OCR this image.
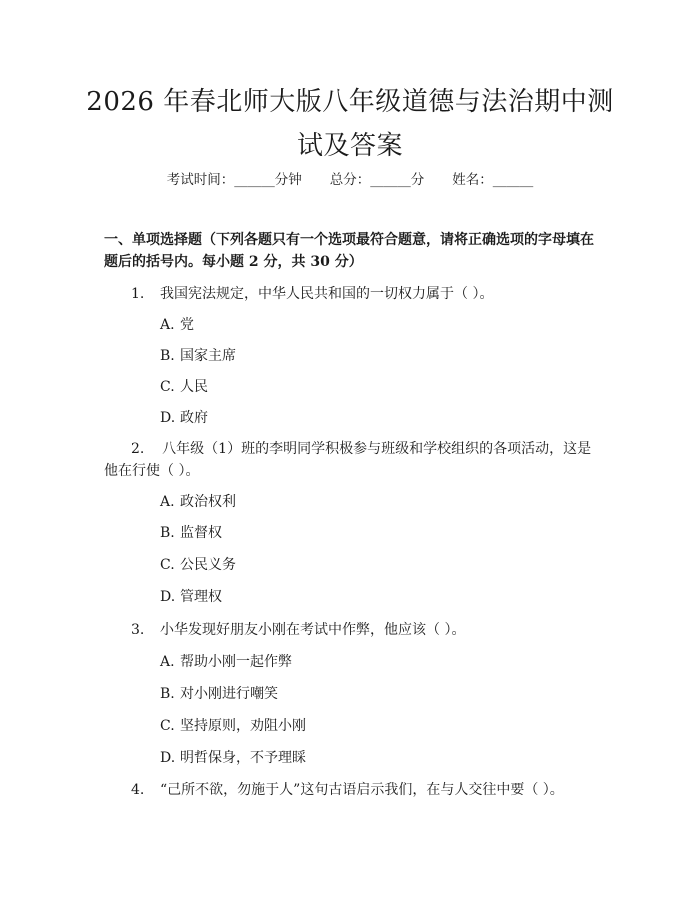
2026 年春北师大版八年级道德与法治期中测
试及答案
考试时间：______分钟 总分：______分 姓名：______
一、单项选择题（下列各题只有一个选项最符合题意，请将正确选项的字母填在题后的括号内。每小题 2 分，共 30 分）
1. 我国宪法规定，中华人民共和国的一切权力属于（ ）。
A. 党
B. 国家主席
C. 人民
D. 政府
2. 八年级（1）班的李明同学积极参与班级和学校组织的各项活动，这是他在行使（ ）。
A. 政治权利
B. 监督权
C. 公民义务
D. 管理权
3. 小华发现好朋友小刚在考试中作弊，他应该（ ）。
A. 帮助小刚一起作弊
B. 对小刚进行嘲笑
C. 坚持原则，劝阻小刚
D. 明哲保身，不予理睬
4. “己所不欲，勿施于人”这句古语启示我们，在与人交往中要（ ）。
